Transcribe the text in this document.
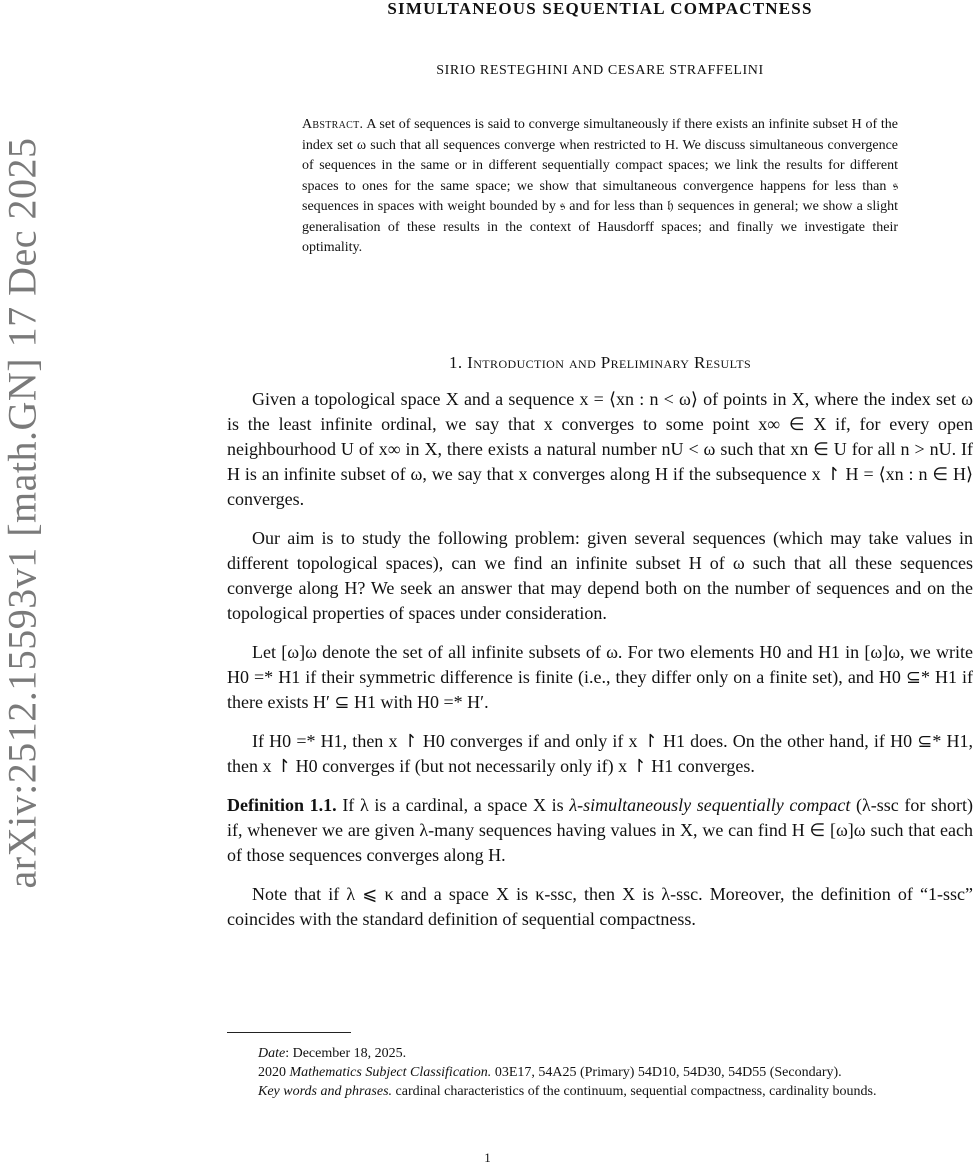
arXiv:2512.15593v1 [math.GN] 17 Dec 2025
SIMULTANEOUS SEQUENTIAL COMPACTNESS
SIRIO RESTEGHINI AND CESARE STRAFFELINI
Abstract. A set of sequences is said to converge simultaneously if there exists an infinite subset H of the index set ω such that all sequences converge when restricted to H. We discuss simultaneous convergence of sequences in the same or in different sequentially compact spaces; we link the results for different spaces to ones for the same space; we show that simultaneous convergence happens for less than 𝔰 sequences in spaces with weight bounded by 𝔰 and for less than 𝔥 sequences in general; we show a slight generalisation of these results in the context of Hausdorff spaces; and finally we investigate their optimality.
1. Introduction and Preliminary Results

Given a topological space X and a sequence x = ⟨xn : n < ω⟩ of points in X, where the index set ω is the least infinite ordinal, we say that x converges to some point x∞ ∈ X if, for every open neighbourhood U of x∞ in X, there exists a natural number nU < ω such that xn ∈ U for all n > nU. If H is an infinite subset of ω, we say that x converges along H if the subsequence x ↾ H = ⟨xn : n ∈ H⟩ converges.

Our aim is to study the following problem: given several sequences (which may take values in different topological spaces), can we find an infinite subset H of ω such that all these sequences converge along H? We seek an answer that may depend both on the number of sequences and on the topological properties of spaces under consideration.

Let [ω]ω denote the set of all infinite subsets of ω. For two elements H0 and H1 in [ω]ω, we write H0 =* H1 if their symmetric difference is finite (i.e., they differ only on a finite set), and H0 ⊆* H1 if there exists H′ ⊆ H1 with H0 =* H′.

If H0 =* H1, then x ↾ H0 converges if and only if x ↾ H1 does. On the other hand, if H0 ⊆* H1, then x ↾ H0 converges if (but not necessarily only if) x ↾ H1 converges.

Definition 1.1. If λ is a cardinal, a space X is λ-simultaneously sequentially compact (λ-ssc for short) if, whenever we are given λ-many sequences having values in X, we can find H ∈ [ω]ω such that each of those sequences converges along H.

Note that if λ ⩽ κ and a space X is κ-ssc, then X is λ-ssc. Moreover, the definition of “1-ssc” coincides with the standard definition of sequential compactness.

Date: December 18, 2025.

2020 Mathematics Subject Classification. 03E17, 54A25 (Primary) 54D10, 54D30, 54D55 (Secondary).

Key words and phrases. cardinal characteristics of the continuum, sequential compactness, cardinality bounds.

1
